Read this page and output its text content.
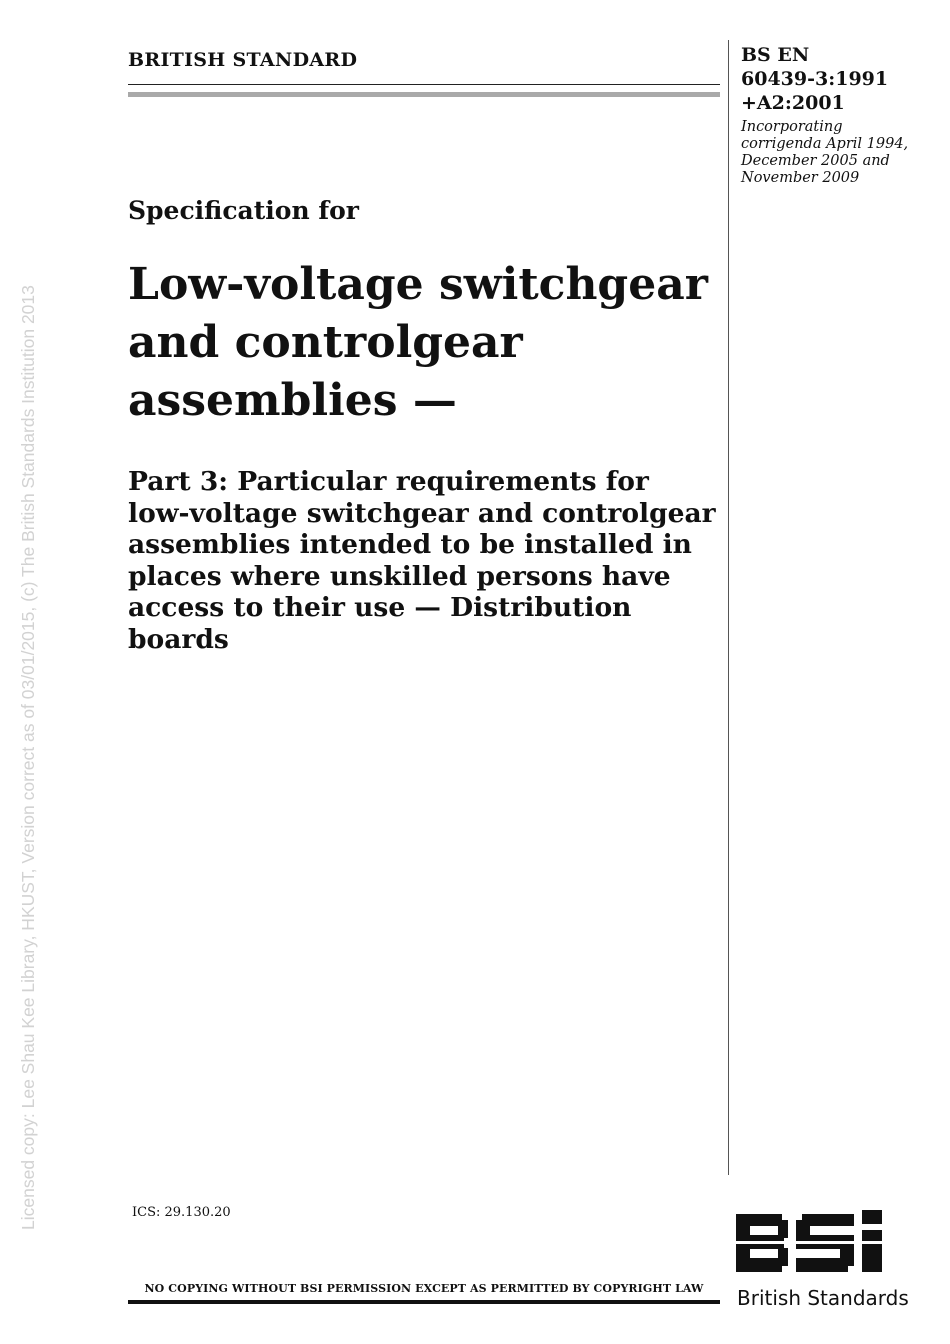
Licensed copy: Lee Shau Kee Library, HKUST, Version correct as of 03/01/2015, (c) The British Standards Institution 2013
BRITISH STANDARD	BS EN
60439-3:1991
+A2:2001
Incorporating
corrigenda April 1994,
December 2005 and
November 2009
Specification for
Low-voltage switchgear
and controlgear
assemblies —
Part 3: Particular requirements for
low-voltage switchgear and controlgear
assemblies intended to be installed in
places where unskilled persons have
access to their use — Distribution
boards
ICS: 29.130.20
NO COPYING WITHOUT BSI PERMISSION EXCEPT AS PERMITTED BY COPYRIGHT LAW	British Standards
